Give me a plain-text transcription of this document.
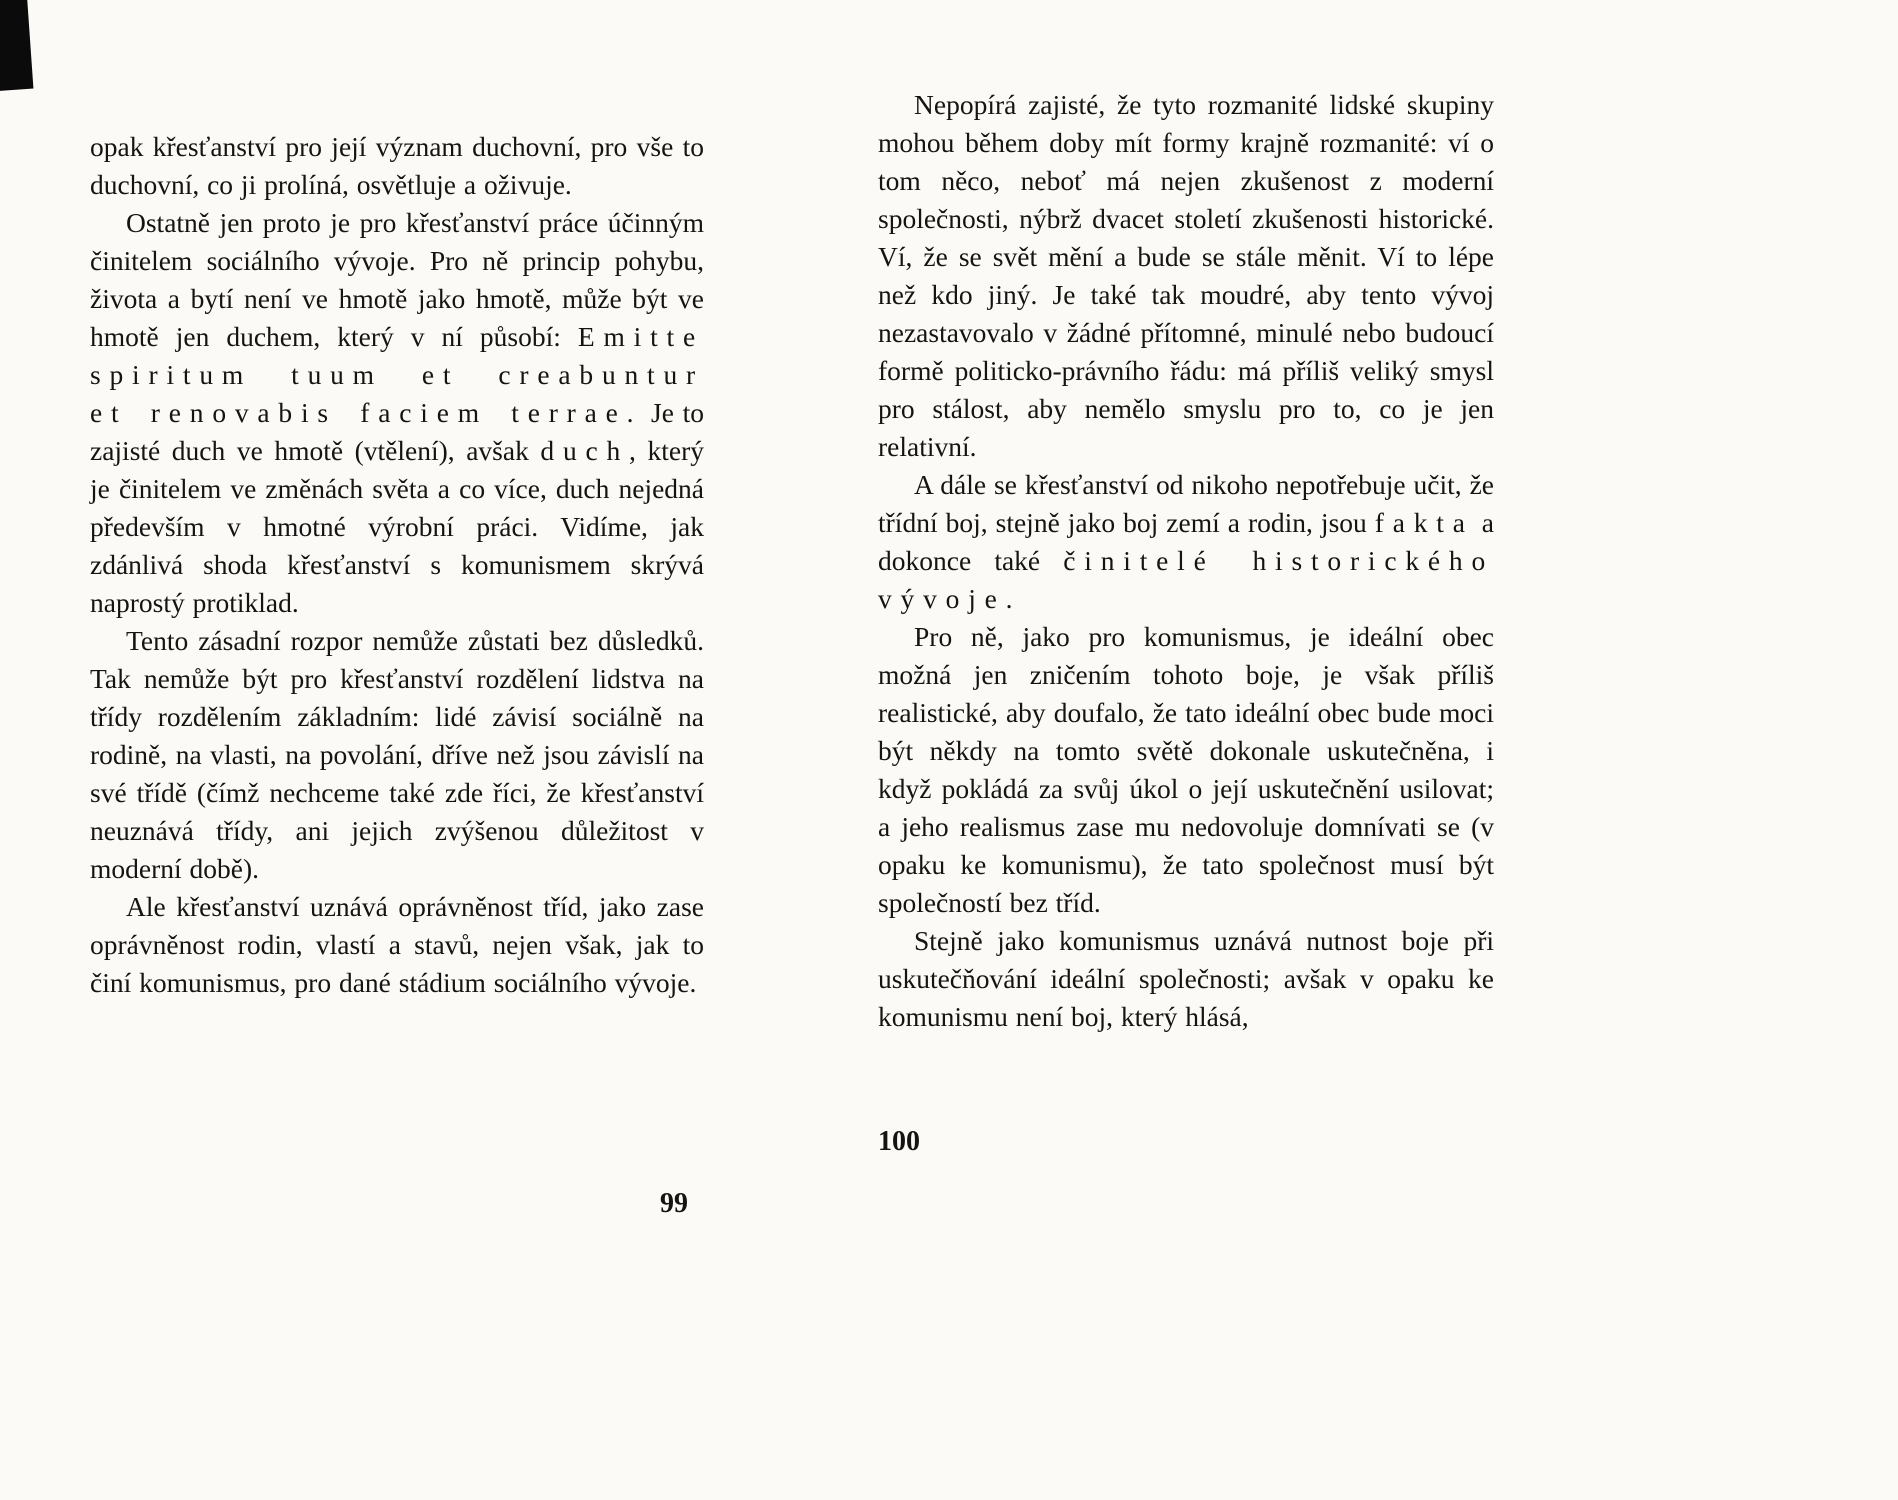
opak křesťanství pro její význam duchovní, pro vše to duchovní, co ji prolíná, osvětluje a oživuje.

Ostatně jen proto je pro křesťanství práce účinným činitelem sociálního vývoje. Pro ně princip pohybu, života a bytí není ve hmotě jako hmotě, může být ve hmotě jen duchem, který v ní působí: Emitte spiritum tuum et creabuntur et renovabis faciem terrae. Je to zajisté duch ve hmotě (vtělení), avšak duch, který je činitelem ve změnách světa a co více, duch nejedná především v hmotné výrobní práci. Vidíme, jak zdánlivá shoda křesťanství s komunismem skrývá naprostý protiklad.

Tento zásadní rozpor nemůže zůstati bez důsledků. Tak nemůže být pro křesťanství rozdělení lidstva na třídy rozdělením základním: lidé závisí sociálně na rodině, na vlasti, na povolání, dříve než jsou závislí na své třídě (čímž nechceme také zde říci, že křesťanství neuznává třídy, ani jejich zvýšenou důležitost v moderní době).

Ale křesťanství uznává oprávněnost tříd, jako zase oprávněnost rodin, vlastí a stavů, nejen však, jak to činí komunismus, pro dané stádium sociálního vývoje.

Nepopírá zajisté, že tyto rozmanité lidské skupiny mohou během doby mít formy krajně rozmanité: ví o tom něco, neboť má nejen zkušenost z moderní společnosti, nýbrž dvacet století zkušenosti historické. Ví, že se svět mění a bude se stále měnit. Ví to lépe než kdo jiný. Je také tak moudré, aby tento vývoj nezastavovalo v žádné přítomné, minulé nebo budoucí formě politicko-právního řádu: má příliš veliký smysl pro stálost, aby nemělo smyslu pro to, co je jen relativní.

A dále se křesťanství od nikoho nepotřebuje učit, že třídní boj, stejně jako boj zemí a rodin, jsou fakta a dokonce také činitelé historického vývoje.

Pro ně, jako pro komunismus, je ideální obec možná jen zničením tohoto boje, je však příliš realistické, aby doufalo, že tato ideální obec bude moci být někdy na tomto světě dokonale uskutečněna, i když pokládá za svůj úkol o její uskutečnění usilovat; a jeho realismus zase mu nedovoluje domnívati se (v opaku ke komunismu), že tato společnost musí být společností bez tříd.

Stejně jako komunismus uznává nutnost boje při uskutečňování ideální společnosti; avšak v opaku ke komunismu není boj, který hlásá,

99
100
